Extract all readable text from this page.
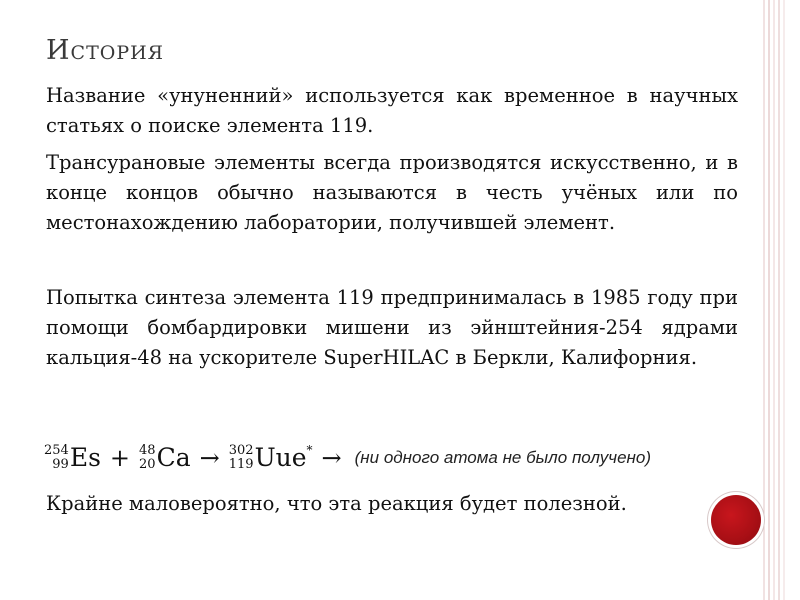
История
Название «унуненний» используется как временное в научных статьях о поиске элемента 119.
Трансурановые элементы всегда производятся искусственно, и в конце концов обычно называются в честь учёных или по местонахождению лаборатории, получившей элемент.
Попытка синтеза элемента 119 предпринималась в 1985 году при помощи бомбардировки мишени из эйнштейния-254 ядрами кальция-48 на ускорителе SuperHILAC в Беркли, Калифорния.
254
99 Es + 48
20 Ca → 302
119 Uue * → (ни одного атома не было получено)
Крайне маловероятно, что эта реакция будет полезной.
